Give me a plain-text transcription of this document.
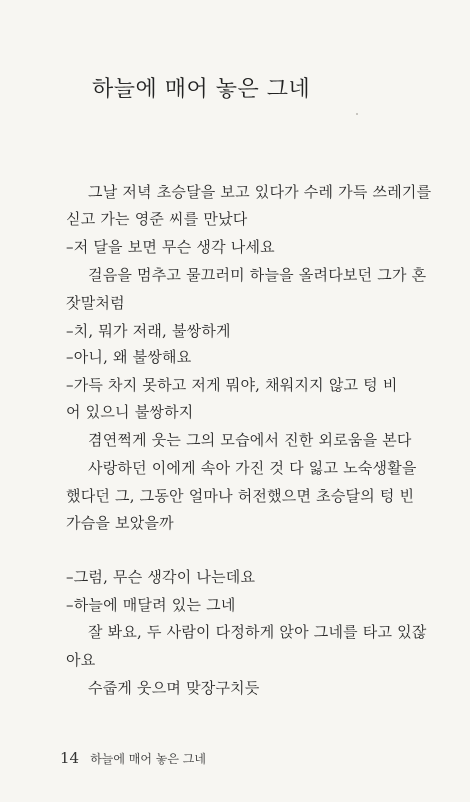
하늘에 매어 놓은 그네
그날 저녁 초승달을 보고 있다가 수레 가득 쓰레기를
싣고 가는 영준 씨를 만났다
–저 달을 보면 무슨 생각 나세요
걸음을 멈추고 물끄러미 하늘을 올려다보던 그가 혼
잣말처럼
–치, 뭐가 저래, 불쌍하게
–아니, 왜 불쌍해요
–가득 차지 못하고 저게 뭐야, 채워지지 않고 텅 비
어 있으니 불쌍하지
겸연쩍게 웃는 그의 모습에서 진한 외로움을 본다
사랑하던 이에게 속아 가진 것 다 잃고 노숙생활을
했다던 그, 그동안 얼마나 허전했으면 초승달의 텅 빈
가슴을 보았을까
–그럼, 무슨 생각이 나는데요
–하늘에 매달려 있는 그네
잘 봐요, 두 사람이 다정하게 앉아 그네를 타고 있잖
아요
수줍게 웃으며 맞장구치듯
14 하늘에 매어 놓은 그네
